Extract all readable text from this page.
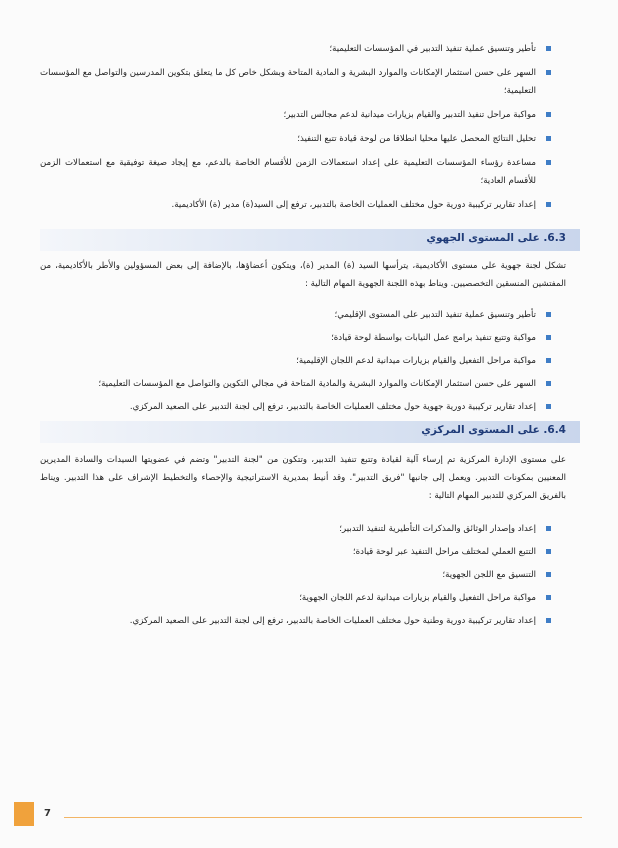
تأطير وتنسيق عملية تنفيذ التدبير في المؤسسات التعليمية؛
السهر على حسن استثمار الإمكانات والموارد البشرية و المادية المتاحة وبشكل خاص كل ما يتعلق بتكوين المدرسين والتواصل مع المؤسسات التعليمية؛
مواكبة مراحل تنفيذ التدبير والقيام بزيارات ميدانية لدعم مجالس التدبير؛
تحليل النتائج المحصل عليها محليا انطلاقا من لوحة قيادة تتبع التنفيذ؛
مساعدة رؤساء المؤسسات التعليمية على إعداد استعمالات الزمن للأقسام الخاصة بالدعم، مع إيجاد صيغة توفيقية مع استعمالات الزمن للأقسام العادية؛
إعداد تقارير تركيبية دورية حول مختلف العمليات الخاصة بالتدبير، ترفع إلى السيد(ة) مدير (ة) الأكاديمية.
6.3. على المستوى الجهوي
تشكل لجنة جهوية على مستوى الأكاديمية، يترأسها السيد (ة) المدير (ة)، ويتكون أعضاؤها، بالإضافة إلى بعض المسؤولين والأطر بالأكاديمية، من المفتشين المنسقين التخصصيين. ويناط بهذه اللجنة الجهوية المهام التالية :
تأطير وتنسيق عملية تنفيذ التدبير على المستوى الإقليمي؛
مواكبة وتتبع تنفيذ برامج عمل النيابات بواسطة لوحة قيادة؛
مواكبة مراحل التفعيل والقيام بزيارات ميدانية لدعم اللجان الإقليمية؛
السهر على حسن استثمار الإمكانات والموارد البشرية والمادية المتاحة في مجالي التكوين والتواصل مع المؤسسات التعليمية؛
إعداد تقارير تركيبية دورية جهوية حول مختلف العمليات الخاصة بالتدبير، ترفع إلى لجنة التدبير على الصعيد المركزي.
6.4. على المستوى المركزي
على مستوى الإدارة المركزية تم إرساء آلية لقيادة وتتبع تنفيذ التدبير، وتتكون من "لجنة التدبير" وتضم في عضويتها السيدات والسادة المديرين المعنيين بمكونات التدبير. ويعمل إلى جانبها "فريق التدبير". وقد أنيط بمديرية الاستراتيجية والإحصاء والتخطيط الإشراف على هذا التدبير. ويناط بالفريق المركزي للتدبير المهام التالية :
إعداد وإصدار الوثائق والمذكرات التأطيرية لتنفيذ التدبير؛
التتبع العملي لمختلف مراحل التنفيذ عبر لوحة قيادة؛
التنسيق مع اللجن الجهوية؛
مواكبة مراحل التفعيل والقيام بزيارات ميدانية لدعم اللجان الجهوية؛
إعداد تقارير تركيبية دورية وطنية حول مختلف العمليات الخاصة بالتدبير، ترفع إلى لجنة التدبير على الصعيد المركزي.
7
